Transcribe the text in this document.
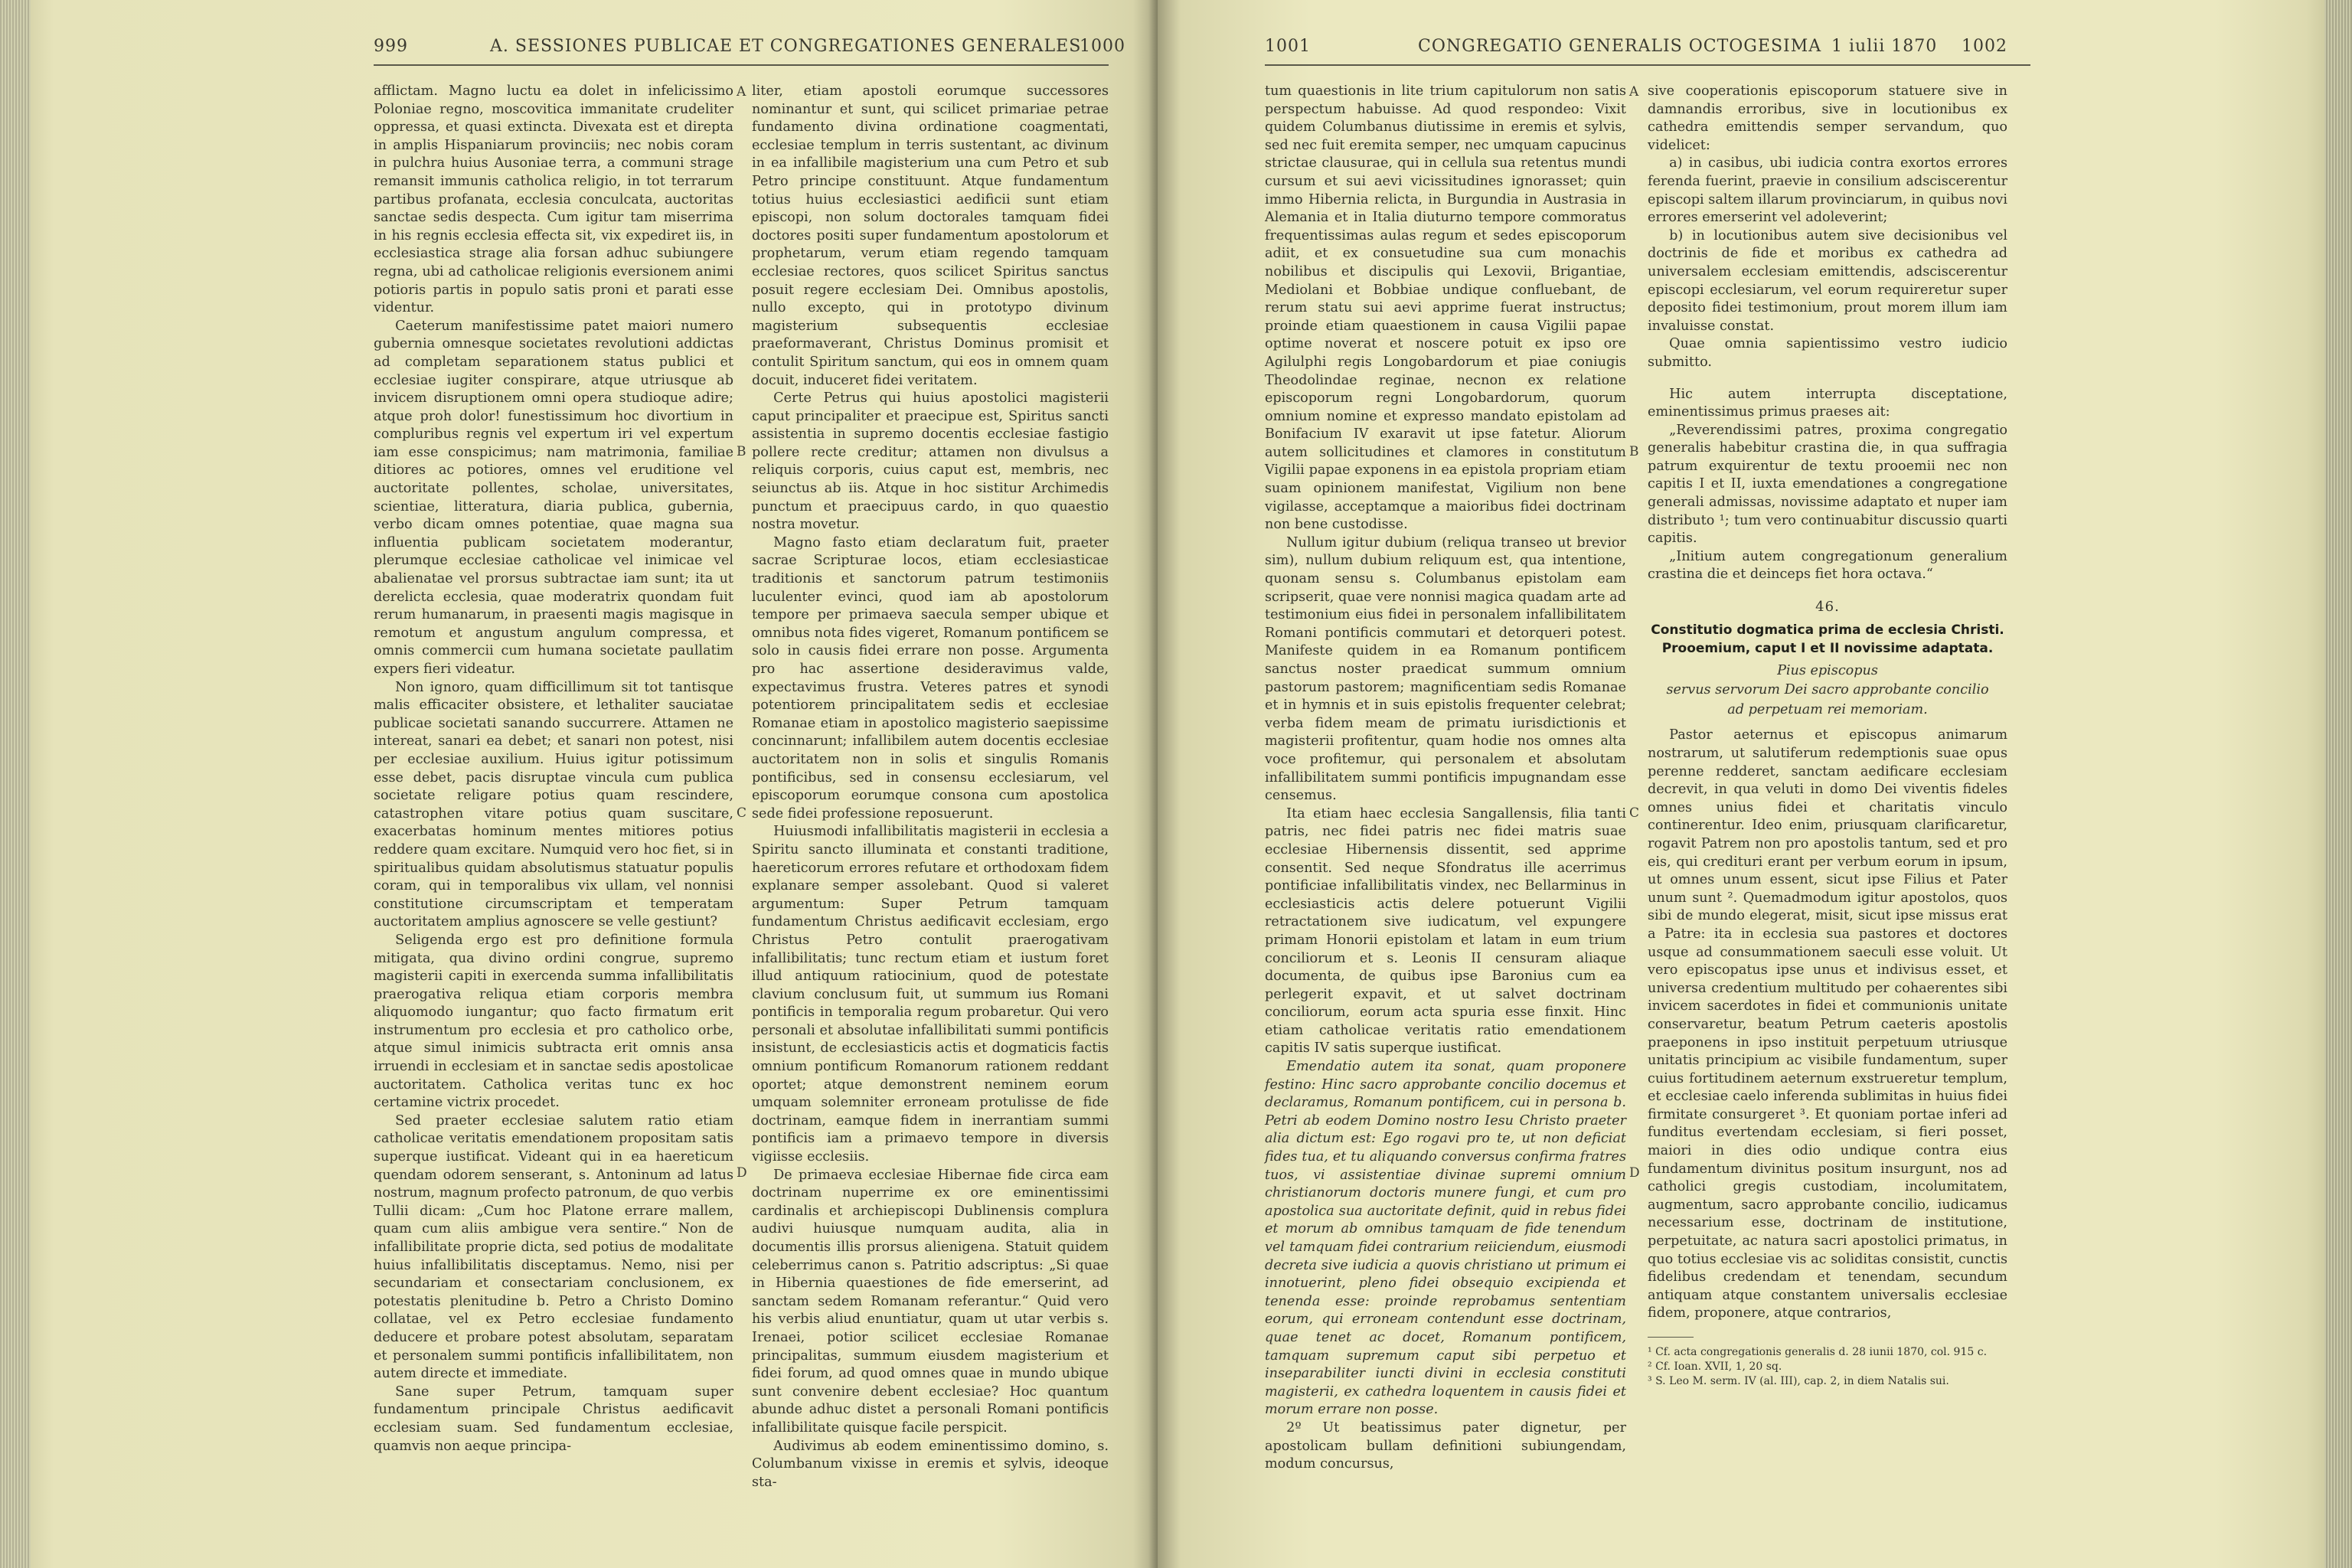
999	A. SESSIONES PUBLICAE ET CONGREGATIONES GENERALES
1000

afflictam. Magno luctu ea dolet in infelicissimo Poloniae regno, moscovitica immanitate crudeliter oppressa, et quasi extincta. Divexata est et direpta in amplis Hispaniarum provinciis; nec nobis coram in pulchra huius Ausoniae terra, a communi strage remansit immunis catholica religio, in tot terrarum partibus profanata, ecclesia conculcata, auctoritas sanctae sedis despecta. Cum igitur tam miserrima in his regnis ecclesia effecta sit, vix expediret iis, in ecclesiastica strage alia forsan adhuc subiungere regna, ubi ad catholicae religionis eversionem animi potioris partis in populo satis proni et parati esse videntur.

Caeterum manifestissime patet maiori numero gubernia omnesque societates revolutioni addictas ad completam separationem status publici et ecclesiae iugiter conspirare, atque utriusque ab invicem disruptionem omni opera studioque adire; atque proh dolor! funestissimum hoc divortium in compluribus regnis vel expertum iri vel expertum iam esse conspicimus; nam matrimonia, familiae ditiores ac potiores, omnes vel eruditione vel auctoritate pollentes, scholae, universitates, scientiae, litteratura, diaria publica, gubernia, verbo dicam omnes potentiae, quae magna sua influentia publicam societatem moderantur, plerumque ecclesiae catholicae vel inimicae vel abalienatae vel prorsus subtractae iam sunt; ita ut derelicta ecclesia, quae moderatrix quondam fuit rerum humanarum, in praesenti magis magisque in remotum et angustum angulum compressa, et omnis commercii cum humana societate paullatim expers fieri videatur.

Non ignoro, quam difficillimum sit tot tantisque malis efficaciter obsistere, et lethaliter sauciatae publicae societati sanando succurrere. Attamen ne intereat, sanari ea debet; et sanari non potest, nisi per ecclesiae auxilium. Huius igitur potissimum esse debet, pacis disruptae vincula cum publica societate religare potius quam rescindere, catastrophen vitare potius quam suscitare, exacerbatas hominum mentes mitiores potius reddere quam excitare. Numquid vero hoc fiet, si in spiritualibus quidam absolutismus statuatur populis coram, qui in temporalibus vix ullam, vel nonnisi constitutione circumscriptam et temperatam auctoritatem amplius agnoscere se velle gestiunt?

Seligenda ergo est pro definitione formula mitigata, qua divino ordini congrue, supremo magisterii capiti in exercenda summa infallibilitatis praerogativa reliqua etiam corporis membra aliquomodo iungantur; quo facto firmatum erit instrumentum pro ecclesia et pro catholico orbe, atque simul inimicis subtracta erit omnis ansa irruendi in ecclesiam et in sanctae sedis apostolicae auctoritatem. Catholica veritas tunc ex hoc certamine victrix procedet.

Sed praeter ecclesiae salutem ratio etiam catholicae veritatis emendationem propositam satis superque iustificat. Videant qui in ea haereticum quendam odorem senserant, s. Antoninum ad latus nostrum, magnum profecto patronum, de quo verbis Tullii dicam: „Cum hoc Platone errare mallem, quam cum aliis ambigue vera sentire.“ Non de infallibilitate proprie dicta, sed potius de modalitate huius infallibilitatis disceptamus. Nemo, nisi per secundariam et consectariam conclusionem, ex potestatis plenitudine b. Petro a Christo Domino collatae, vel ex Petro ecclesiae fundamento deducere et probare potest absolutam, separatam et personalem summi pontificis infallibilitatem, non autem directe et immediate.

Sane super Petrum, tamquam super fundamentum principale Christus aedificavit ecclesiam suam. Sed fundamentum ecclesiae, quamvis non aeque principa-

A
B
C
D

liter, etiam apostoli eorumque successores nominantur et sunt, qui scilicet primariae petrae fundamento divina ordinatione coagmentati, ecclesiae templum in terris sustentant, ac divinum in ea infallibile magisterium una cum Petro et sub Petro principe constituunt. Atque fundamentum totius huius ecclesiastici aedificii sunt etiam episcopi, non solum doctorales tamquam fidei doctores positi super fundamentum apostolorum et prophetarum, verum etiam regendo tamquam ecclesiae rectores, quos scilicet Spiritus sanctus posuit regere ecclesiam Dei. Omnibus apostolis, nullo excepto, qui in prototypo divinum magisterium subsequentis ecclesiae praeformaverant, Christus Dominus promisit et contulit Spiritum sanctum, qui eos in omnem quam docuit, induceret fidei veritatem.

Certe Petrus qui huius apostolici magisterii caput principaliter et praecipue est, Spiritus sancti assistentia in supremo docentis ecclesiae fastigio pollere recte creditur; attamen non divulsus a reliquis corporis, cuius caput est, membris, nec seiunctus ab iis. Atque in hoc sistitur Archimedis punctum et praecipuus cardo, in quo quaestio nostra movetur.

Magno fasto etiam declaratum fuit, praeter sacrae Scripturae locos, etiam ecclesiasticae traditionis et sanctorum patrum testimoniis luculenter evinci, quod iam ab apostolorum tempore per primaeva saecula semper ubique et omnibus nota fides vigeret, Romanum pontificem se solo in causis fidei errare non posse. Argumenta pro hac assertione desideravimus valde, expectavimus frustra. Veteres patres et synodi potentiorem principalitatem sedis et ecclesiae Romanae etiam in apostolico magisterio saepissime concinnarunt; infallibilem autem docentis ecclesiae auctoritatem non in solis et singulis Romanis pontificibus, sed in consensu ecclesiarum, vel episcoporum eorumque consona cum apostolica sede fidei professione reposuerunt.

Huiusmodi infallibilitatis magisterii in ecclesia a Spiritu sancto illuminata et constanti traditione, haereticorum errores refutare et orthodoxam fidem explanare semper assolebant. Quod si valeret argumentum: Super Petrum tamquam fundamentum Christus aedificavit ecclesiam, ergo Christus Petro contulit praerogativam infallibilitatis; tunc rectum etiam et iustum foret illud antiquum ratiocinium, quod de potestate clavium conclusum fuit, ut summum ius Romani pontificis in temporalia regum probaretur. Qui vero personali et absolutae infallibilitati summi pontificis insistunt, de ecclesiasticis actis et dogmaticis factis omnium pontificum Romanorum rationem reddant oportet; atque demonstrent neminem eorum umquam solemniter erroneam protulisse de fide doctrinam, eamque fidem in inerrantiam summi pontificis iam a primaevo tempore in diversis vigiisse ecclesiis.

De primaeva ecclesiae Hibernae fide circa eam doctrinam nuperrime ex ore eminentissimi cardinalis et archiepiscopi Dublinensis complura audivi huiusque numquam audita, alia in documentis illis prorsus alienigena. Statuit quidem celeberrimus canon s. Patritio adscriptus: „Si quae in Hibernia quaestiones de fide emerserint, ad sanctam sedem Romanam referantur.“ Quid vero his verbis aliud enuntiatur, quam ut utar verbis s. Irenaei, potior scilicet ecclesiae Romanae principalitas, summum eiusdem magisterium et fidei forum, ad quod omnes quae in mundo ubique sunt convenire debent ecclesiae? Hoc quantum abunde adhuc distet a personali Romani pontificis infallibilitate quisque facile perspicit.

Audivimus ab eodem eminentissimo domino, s. Columbanum vixisse in eremis et sylvis, ideoque sta-

1001	CONGREGATIO GENERALIS OCTOGESIMA 1 iulii 1870 1002

tum quaestionis in lite trium capitulorum non satis perspectum habuisse. Ad quod respondeo: Vixit quidem Columbanus diutissime in eremis et sylvis, sed nec fuit eremita semper, nec umquam capucinus strictae clausurae, qui in cellula sua retentus mundi cursum et sui aevi vicissitudines ignorasset; quin immo Hibernia relicta, in Burgundia in Austrasia in Alemania et in Italia diuturno tempore commoratus frequentissimas aulas regum et sedes episcoporum adiit, et ex consuetudine sua cum monachis nobilibus et discipulis qui Lexovii, Brigantiae, Mediolani et Bobbiae undique confluebant, de rerum statu sui aevi apprime fuerat instructus; proinde etiam quaestionem in causa Vigilii papae optime noverat et noscere potuit ex ipso ore Agilulphi regis Longobardorum et piae coniugis Theodolindae reginae, necnon ex relatione episcoporum regni Longobardorum, quorum omnium nomine et expresso mandato epistolam ad Bonifacium IV exaravit ut ipse fatetur. Aliorum autem sollicitudines et clamores in constitutum Vigilii papae exponens in ea epistola propriam etiam suam opinionem manifestat, Vigilium non bene vigilasse, acceptamque a maioribus fidei doctrinam non bene custodisse.

Nullum igitur dubium (reliqua transeo ut brevior sim), nullum dubium reliquum est, qua intentione, quonam sensu s. Columbanus epistolam eam scripserit, quae vere nonnisi magica quadam arte ad testimonium eius fidei in personalem infallibilitatem Romani pontificis commutari et detorqueri potest. Manifeste quidem in ea Romanum pontificem sanctus noster praedicat summum omnium pastorum pastorem; magnificentiam sedis Romanae et in hymnis et in suis epistolis frequenter celebrat; verba fidem meam de primatu iurisdictionis et magisterii profitentur, quam hodie nos omnes alta voce profitemur, qui personalem et absolutam infallibilitatem summi pontificis impugnandam esse censemus.

Ita etiam haec ecclesia Sangallensis, filia tanti patris, nec fidei patris nec fidei matris suae ecclesiae Hibernensis dissentit, sed apprime consentit. Sed neque Sfondratus ille acerrimus pontificiae infallibilitatis vindex, nec Bellarminus in ecclesiasticis actis delere potuerunt Vigilii retractationem sive iudicatum, vel expungere primam Honorii epistolam et latam in eum trium conciliorum et s. Leonis II censuram aliaque documenta, de quibus ipse Baronius cum ea perlegerit expavit, et ut salvet doctrinam conciliorum, eorum acta spuria esse finxit. Hinc etiam catholicae veritatis ratio emendationem capitis IV satis superque iustificat.

Emendatio autem ita sonat, quam proponere festino: Hinc sacro approbante concilio docemus et declaramus, Romanum pontificem, cui in persona b. Petri ab eodem Domino nostro Iesu Christo praeter alia dictum est: Ego rogavi pro te, ut non deficiat fides tua, et tu aliquando conversus confirma fratres tuos, vi assistentiae divinae supremi omnium christianorum doctoris munere fungi, et cum pro apostolica sua auctoritate definit, quid in rebus fidei et morum ab omnibus tamquam de fide tenendum vel tamquam fidei contrarium reiiciendum, eiusmodi decreta sive iudicia a quovis christiano ut primum ei innotuerint, pleno fidei obsequio excipienda et tenenda esse: proinde reprobamus sententiam eorum, qui erroneam contendunt esse doctrinam, quae tenet ac docet, Romanum pontificem, tamquam supremum caput sibi perpetuo et inseparabiliter iuncti divini in ecclesia constituti magisterii, ex cathedra loquentem in causis fidei et morum errare non posse.

2º Ut beatissimus pater dignetur, per apostolicam bullam definitioni subiungendam, modum concursus,

A
B
C
D

sive cooperationis episcoporum statuere sive in damnandis erroribus, sive in locutionibus ex cathedra emittendis semper servandum, quo videlicet:

a) in casibus, ubi iudicia contra exortos errores ferenda fuerint, praevie in consilium adsciscerentur episcopi saltem illarum provinciarum, in quibus novi errores emerserint vel adoleverint;

b) in locutionibus autem sive decisionibus vel doctrinis de fide et moribus ex cathedra ad universalem ecclesiam emittendis, adsciscerentur episcopi ecclesiarum, vel eorum requireretur super deposito fidei testimonium, prout morem illum iam invaluisse constat.

Quae omnia sapientissimo vestro iudicio submitto.

Hic autem interrupta disceptatione, eminentissimus primus praeses ait:

„Reverendissimi patres, proxima congregatio generalis habebitur crastina die, in qua suffragia patrum exquirentur de textu prooemii nec non capitis I et II, iuxta emendationes a congregatione generali admissas, novissime adaptato et nuper iam distributo ¹; tum vero continuabitur discussio quarti capitis.

„Initium autem congregationum generalium crastina die et deinceps fiet hora octava.“

46.
Constitutio dogmatica prima de ecclesia Christi.
Prooemium, caput I et II novissime adaptata.
Pius episcopus
servus servorum Dei sacro approbante concilio
ad perpetuam rei memoriam.

Pastor aeternus et episcopus animarum nostrarum, ut salutiferum redemptionis suae opus perenne redderet, sanctam aedificare ecclesiam decrevit, in qua veluti in domo Dei viventis fideles omnes unius fidei et charitatis vinculo continerentur. Ideo enim, priusquam clarificaretur, rogavit Patrem non pro apostolis tantum, sed et pro eis, qui credituri erant per verbum eorum in ipsum, ut omnes unum essent, sicut ipse Filius et Pater unum sunt ². Quemadmodum igitur apostolos, quos sibi de mundo elegerat, misit, sicut ipse missus erat a Patre: ita in ecclesia sua pastores et doctores usque ad consummationem saeculi esse voluit. Ut vero episcopatus ipse unus et indivisus esset, et universa credentium multitudo per cohaerentes sibi invicem sacerdotes in fidei et communionis unitate conservaretur, beatum Petrum caeteris apostolis praeponens in ipso instituit perpetuum utriusque unitatis principium ac visibile fundamentum, super cuius fortitudinem aeternum exstrueretur templum, et ecclesiae caelo inferenda sublimitas in huius fidei firmitate consurgeret ³. Et quoniam portae inferi ad funditus evertendam ecclesiam, si fieri posset, maiori in dies odio undique contra eius fundamentum divinitus positum insurgunt, nos ad catholici gregis custodiam, incolumitatem, augmentum, sacro approbante concilio, iudicamus necessarium esse, doctrinam de institutione, perpetuitate, ac natura sacri apostolici primatus, in quo totius ecclesiae vis ac soliditas consistit, cunctis fidelibus credendam et tenendam, secundum antiquam atque constantem universalis ecclesiae fidem, proponere, atque contrarios,

¹ Cf. acta congregationis generalis d. 28 iunii 1870, col. 915 c.
² Cf. Ioan. XVII, 1, 20 sq.
³ S. Leo M. serm. IV (al. III), cap. 2, in diem Natalis sui.
